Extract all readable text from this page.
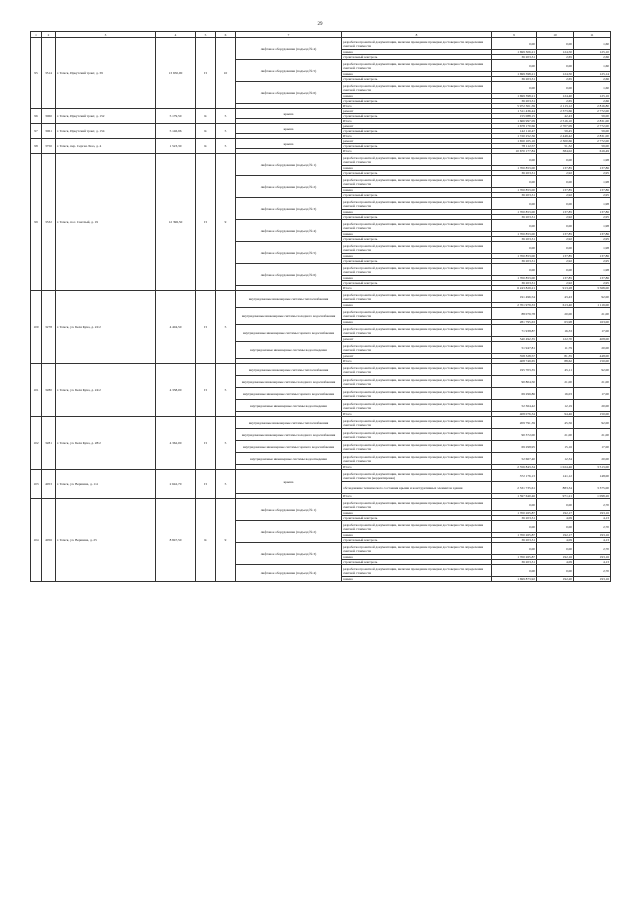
29
1	2	3	4	5	6	7	8	9	10	11
95	3514	г. Томск, Иркутский тракт, д. 39	13 650,00	П	10	лифтовое оборудование (подъезд № 4)	разработка проектной документации, включая проведение проверки достоверности определения сметной стоимости	0,00	0,00	1,60
							замена	1 699 306,21	124,50	125,10
							строительный контроль	36 203,31	2,65	2,66
						лифтовое оборудование (подъезд № 5)	разработка проектной документации, включая проведение проверки достоверности определения сметной стоимости	0,00	0,00	1,60
							замена	1 699 398,21	124,50	125,14
							строительный контроль	36 203,31	2,65	2,66
						лифтовое оборудование (подъезд № 6)	разработка проектной документации, включая проведение проверки достоверности определения сметной стоимости	0,00	0,00	1,60
							замена	1 699 398,21	124,40	125,16
							строительный контроль	36 203,31	2,65	2,66
							Итого	5 972 301,39	2 113,12	2 816,80
96	3060	г. Томск, Иркутский тракт, д. 152	5 179,50	К	5	крыша	ремонт	1 511 436,44	2 373,66	2 772,00
							строительный контроль	155 088,15	42,43	59,00
							Итого	1 666 997,09	2 516,10	2 831,00
97	3061	г. Томск, Иркутский тракт, д. 154	5 146,96	К	5	крыша	ремонт	1 678 170,66	2 707,09	2 772,00
							строительный контроль	142 110,47	59,45	59,00
							Итого	1 720 252,36	2 449,42	2 831,00
98	3750	г. Томск, пер. Сергея Лазо, д. 4	1 523,30	К	5	крыша	ремонт	1 650 105,16	2 300,66	2 772,00
							строительный контроль	78 112,57	51,32	59,00
							Итого	10 670 177,84	384,02	616,49
99	3332	г. Томск, пос. Светлый, д. 19	12 396,50	П	9	лифтовое оборудование (подъезд № 1)	разработка проектной документации, включая проведение проверки достоверности определения сметной стоимости	0,00	0,00	1,98
							замена	1 700 853,00	137,85	137,86
							строительный контроль	36 203,31	2,92	2,95
						лифтовое оборудование (подъезд № 2)	разработка проектной документации, включая проведение проверки достоверности определения сметной стоимости	0,00	0,00	1,98
							замена	1 700 853,00	137,85	137,86
							строительный контроль	36 203,31	2,92	2,95
						лифтовое оборудование (подъезд № 3)	разработка проектной документации, включая проведение проверки достоверности определения сметной стоимости	0,00	0,00	1,98
							замена	1 700 853,00	137,85	137,86
							строительный контроль	36 203,31	2,92	2,95
						лифтовое оборудование (подъезд № 4)	разработка проектной документации, включая проведение проверки достоверности определения сметной стоимости	0,00	0,00	1,98
							замена	1 700 853,00	137,85	137,86
							строительный контроль	36 203,31	2,92	2,95
						лифтовое оборудование (подъезд № 5)	разработка проектной документации, включая проведение проверки достоверности определения сметной стоимости	0,00	0,00	1,98
							замена	1 700 853,00	137,85	137,86
							строительный контроль	36 203,31	2,92	2,95
						лифтовое оборудование (подъезд № 6)	разработка проектной документации, включая проведение проверки достоверности определения сметной стоимости	0,00	0,00	1,98
							замена	1 700 853,00	137,85	137,86
							строительный контроль	36 203,31	2,92	2,95
							Итого	6 243 829,21	913,28	3 568,00
100	3278	г. Томск, ул. Беля Куна, д. 22/2	4 404,50	П	5	внутридомовые инженерные системы теплоснабжения	разработка проектной документации, включая проведение проверки достоверности определения сметной стоимости	191 496,54	43,43	92,00
							замена	2 701 979,33	613,40	1 119,00
						внутридомовые инженерные системы холодного водоснабжения	разработка проектной документации, включая проведение проверки достоверности определения сметной стоимости	88 076,78	20,00	21,00
							замена	281 795,63	63,98	163,00
						внутридомовые инженерные системы горячего водоснабжения	разработка проектной документации, включая проведение проверки достоверности определения сметной стоимости	71 938,87	16,33	17,00
							ремонт	540 492,35	122,70	408,00
						внутридомовые инженерные системы водоотведения	разработка проектной документации, включая проведение проверки достоверности определения сметной стоимости	51 947,81	11,79	20,00
							ремонт	358 328,57	81,35	448,00
							Итого	408 749,65	88,62	150,00
101	3280	г. Томск, ул. Беля Куна, д. 24/2	4 338,00	П	5	внутридомовые инженерные системы теплоснабжения	разработка проектной документации, включая проведение проверки достоверности определения сметной стоимости	195 703,35	45,11	92,00
						внутридомовые инженерные системы холодного водоснабжения	разработка проектной документации, включая проведение проверки достоверности определения сметной стоимости	90 804,50	21,00	21,00
						внутридомовые инженерные системы горячего водоснабжения	разработка проектной документации, включая проведение проверки достоверности определения сметной стоимости	69 296,86	16,03	17,00
						внутридомовые инженерные системы водоотведения	разработка проектной документации, включая проведение проверки достоверности определения сметной стоимости	52 364,42	12,19	20,00
							Итого	408 076,34	94,46	150,00
102	3281	г. Томск, ул. Беля Куна, д. 28/2	4 362,00	П	5	внутридомовые инженерные системы теплоснабжения	разработка проектной документации, включая проведение проверки достоверности определения сметной стоимости	209 791,39	45,56	92,00
						внутридомовые инженерные системы холодного водоснабжения	разработка проектной документации, включая проведение проверки достоверности определения сметной стоимости	90 372,00	21,00	21,00
						внутридомовые инженерные системы горячего водоснабжения	разработка проектной документации, включая проведение проверки достоверности определения сметной стоимости	69 298,95	15,16	17,00
						внутридомовые инженерные системы водоотведения	разработка проектной документации, включая проведение проверки достоверности определения сметной стоимости	52 667,40	12,34	20,00
							Итого	2 356 843,34	1 024,46	3 513,00
103	4053	г. Томск, ул. Вершина, д. 1/4	2 642,70	П	5	крыша	разработка проектной документации, включая проведение проверки достоверности определения сметной стоимости (корректировка)	372 176,13	141,12	148,00
							обследование технического состояния крыши и конструктивных элементов здания	2 331 735,61	883,34	3 375,00
							Итого	1 597 640,46	971,21	1 098,26
104	4056	г. Томск, ул. Вершина, д. 25	8 847,50	К	9	лифтовое оборудование (подъезд № 1)	разработка проектной документации, включая проведение проверки достоверности определения сметной стоимости	0,00	0,00	2,70
							замена	1 700 265,87	192,17	193,16
							строительный контроль	36 203,31	4,09	4,13
						лифтовое оборудование (подъезд № 2)	разработка проектной документации, включая проведение проверки достоверности определения сметной стоимости	0,00	0,00	2,70
							замена	1 700 265,87	192,17	193,16
							строительный контроль	36 203,31	4,09	4,13
						лифтовое оборудование (подъезд № 3)	разработка проектной документации, включая проведение проверки достоверности определения сметной стоимости	0,00	0,00	2,70
							замена	1 700 265,87	192,16	193,16
							строительный контроль	36 203,31	4,09	4,13
						лифтовое оборудование (подъезд № 4)	разработка проектной документации, включая проведение проверки достоверности определения сметной стоимости	0,00	0,00	2,70
							замена	1 699 873,92	192,20	193,16
